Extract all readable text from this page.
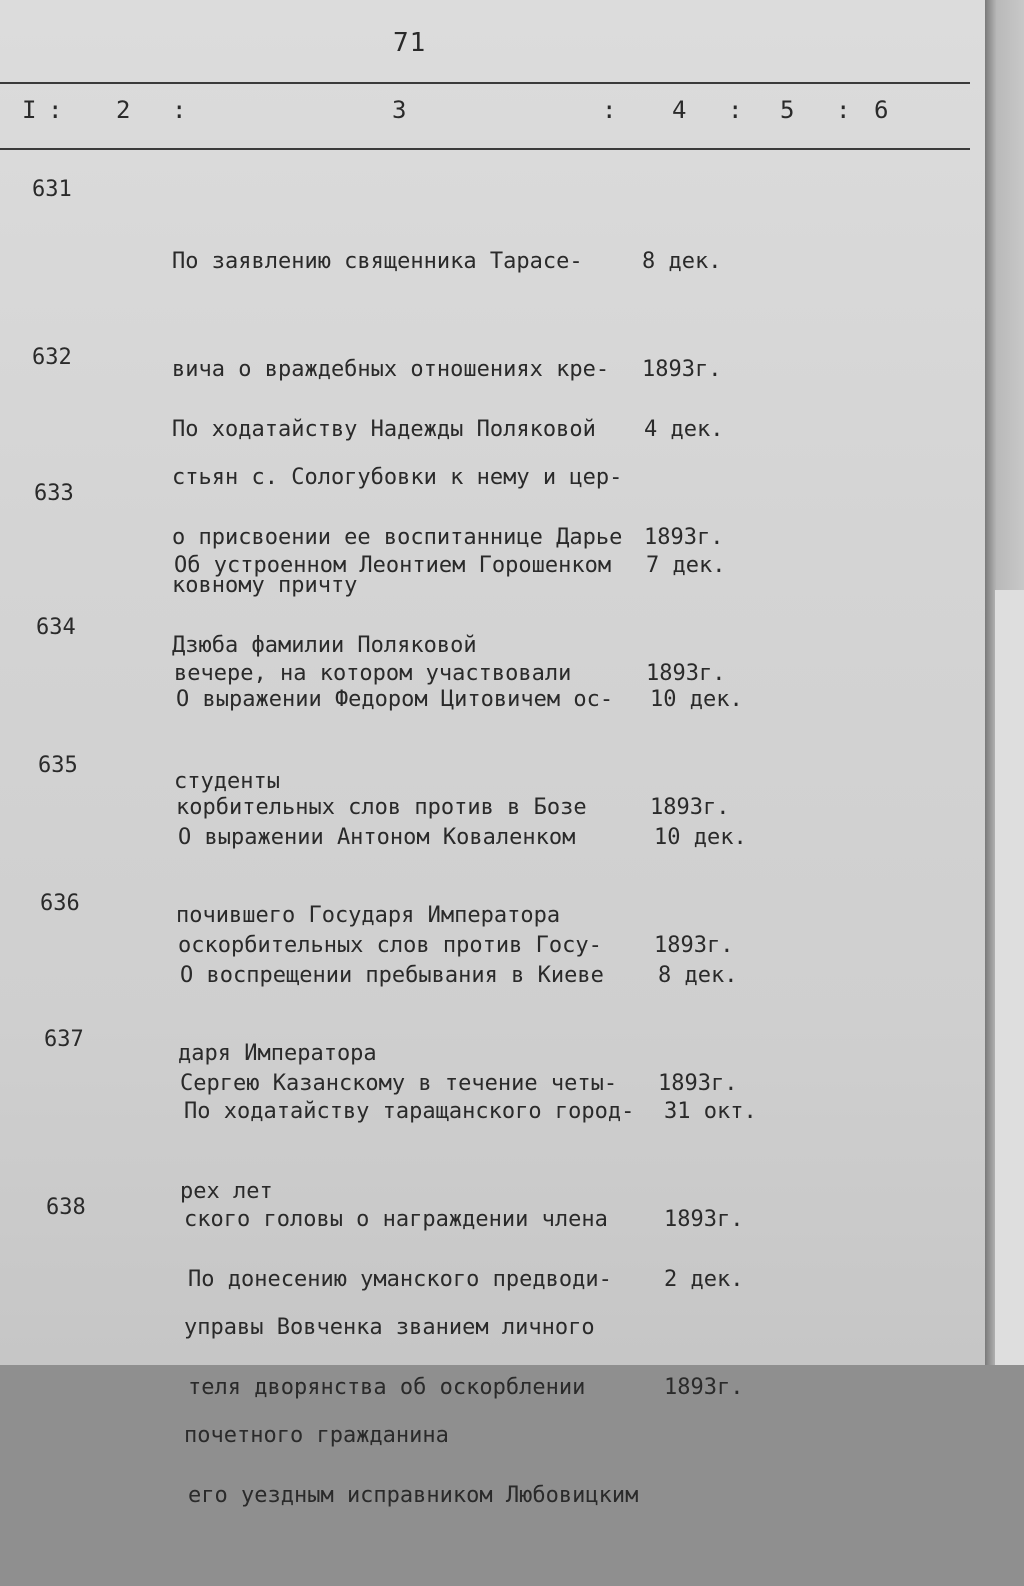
71
I : 2 :	3	: 4 : 5 : 6

631

По заявлению священника Тарасе-

вича о враждебных отношениях кре-

стьян с. Сологубовки к нему и цер-

ковному причту

8 дек.

1893г.

632

По ходатайству Надежды Поляковой

о присвоении ее воспитаннице Дарье

Дзюба фамилии Поляковой

4 дек.

1893г.

633

Об устроенном Леонтием Горошенком

вечере, на котором участвовали

студенты

7 дек.

1893г.

634

О выражении Федором Цитовичем ос-

корбительных слов против в Бозе

почившего Государя Императора

10 дек.

1893г.

635

О выражении Антоном Коваленком

оскорбительных слов против Госу-

даря Императора

10 дек.

1893г.

636

О воспрещении пребывания в Киеве

Сергею Казанскому в течение четы-

рех лет

8 дек.

1893г.

637

По ходатайству таращанского город-

ского головы о награждении члена

управы Вовченка званием личного

почетного гражданина

31 окт.

1893г.

638

По донесению уманского предводи-

теля дворянства об оскорблении

его уездным исправником Любовицким

2 дек.

1893г.
